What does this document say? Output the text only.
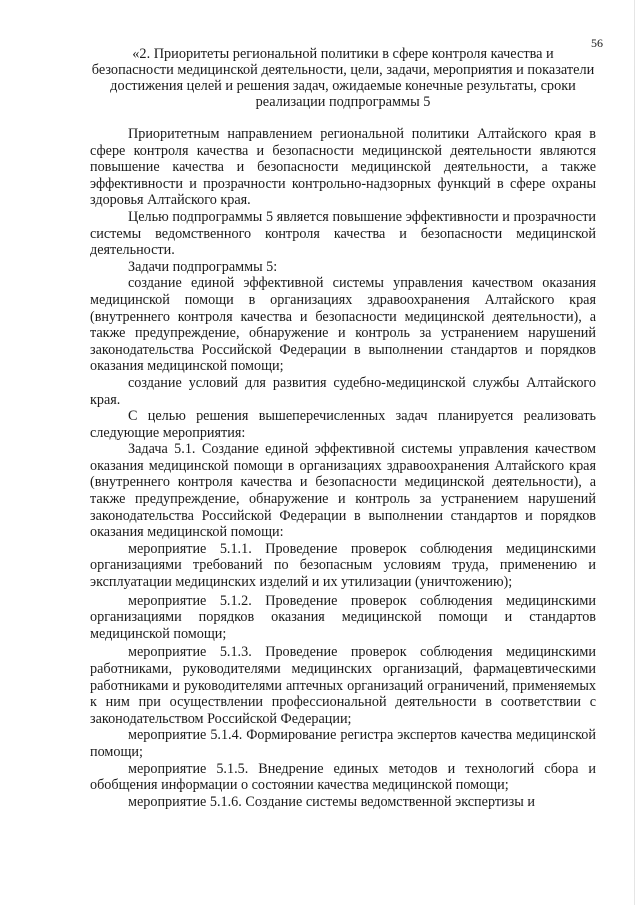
56
«2. Приоритеты региональной политики в сфере контроля качества и безопасности медицинской деятельности, цели, задачи, мероприятия и показатели достижения целей и решения задач, ожидаемые конечные результаты, сроки реализации подпрограммы 5

Приоритетным направлением региональной политики Алтайского края в сфере контроля качества и безопасности медицинской деятельности являются повышение качества и безопасности медицинской деятельности, а также эффективности и прозрачности контрольно-надзорных функций в сфере охраны здоровья Алтайского края.

Целью подпрограммы 5 является повышение эффективности и прозрачности системы ведомственного контроля качества и безопасности медицинской деятельности.

Задачи подпрограммы 5:

создание единой эффективной системы управления качеством оказания медицинской помощи в организациях здравоохранения Алтайского края (внутреннего контроля качества и безопасности медицинской деятельности), а также предупреждение, обнаружение и контроль за устранением нарушений законодательства Российской Федерации в выполнении стандартов и порядков оказания медицинской помощи;

создание условий для развития судебно-медицинской службы Алтайского края.

С целью решения вышеперечисленных задач планируется реализовать следующие мероприятия:

Задача 5.1. Создание единой эффективной системы управления качеством оказания медицинской помощи в организациях здравоохранения Алтайского края (внутреннего контроля качества и безопасности медицинской деятельности), а также предупреждение, обнаружение и контроль за устранением нарушений законодательства Российской Федерации в выполнении стандартов и порядков оказания медицинской помощи:

мероприятие 5.1.1. Проведение проверок соблюдения медицинскими организациями требований по безопасным условиям труда, применению и эксплуатации медицинских изделий и их утилизации (уничтожению);

мероприятие 5.1.2. Проведение проверок соблюдения медицинскими организациями порядков оказания медицинской помощи и стандартов медицинской помощи;

мероприятие 5.1.3. Проведение проверок соблюдения медицинскими работниками, руководителями медицинских организаций, фармацевтическими работниками и руководителями аптечных организаций ограничений, применяемых к ним при осуществлении профессиональной деятельности в соответствии с законодательством Российской Федерации;

мероприятие 5.1.4. Формирование регистра экспертов качества медицинской помощи;

мероприятие 5.1.5. Внедрение единых методов и технологий сбора и обобщения информации о состоянии качества медицинской помощи;

мероприятие 5.1.6. Создание системы ведомственной экспертизы и
